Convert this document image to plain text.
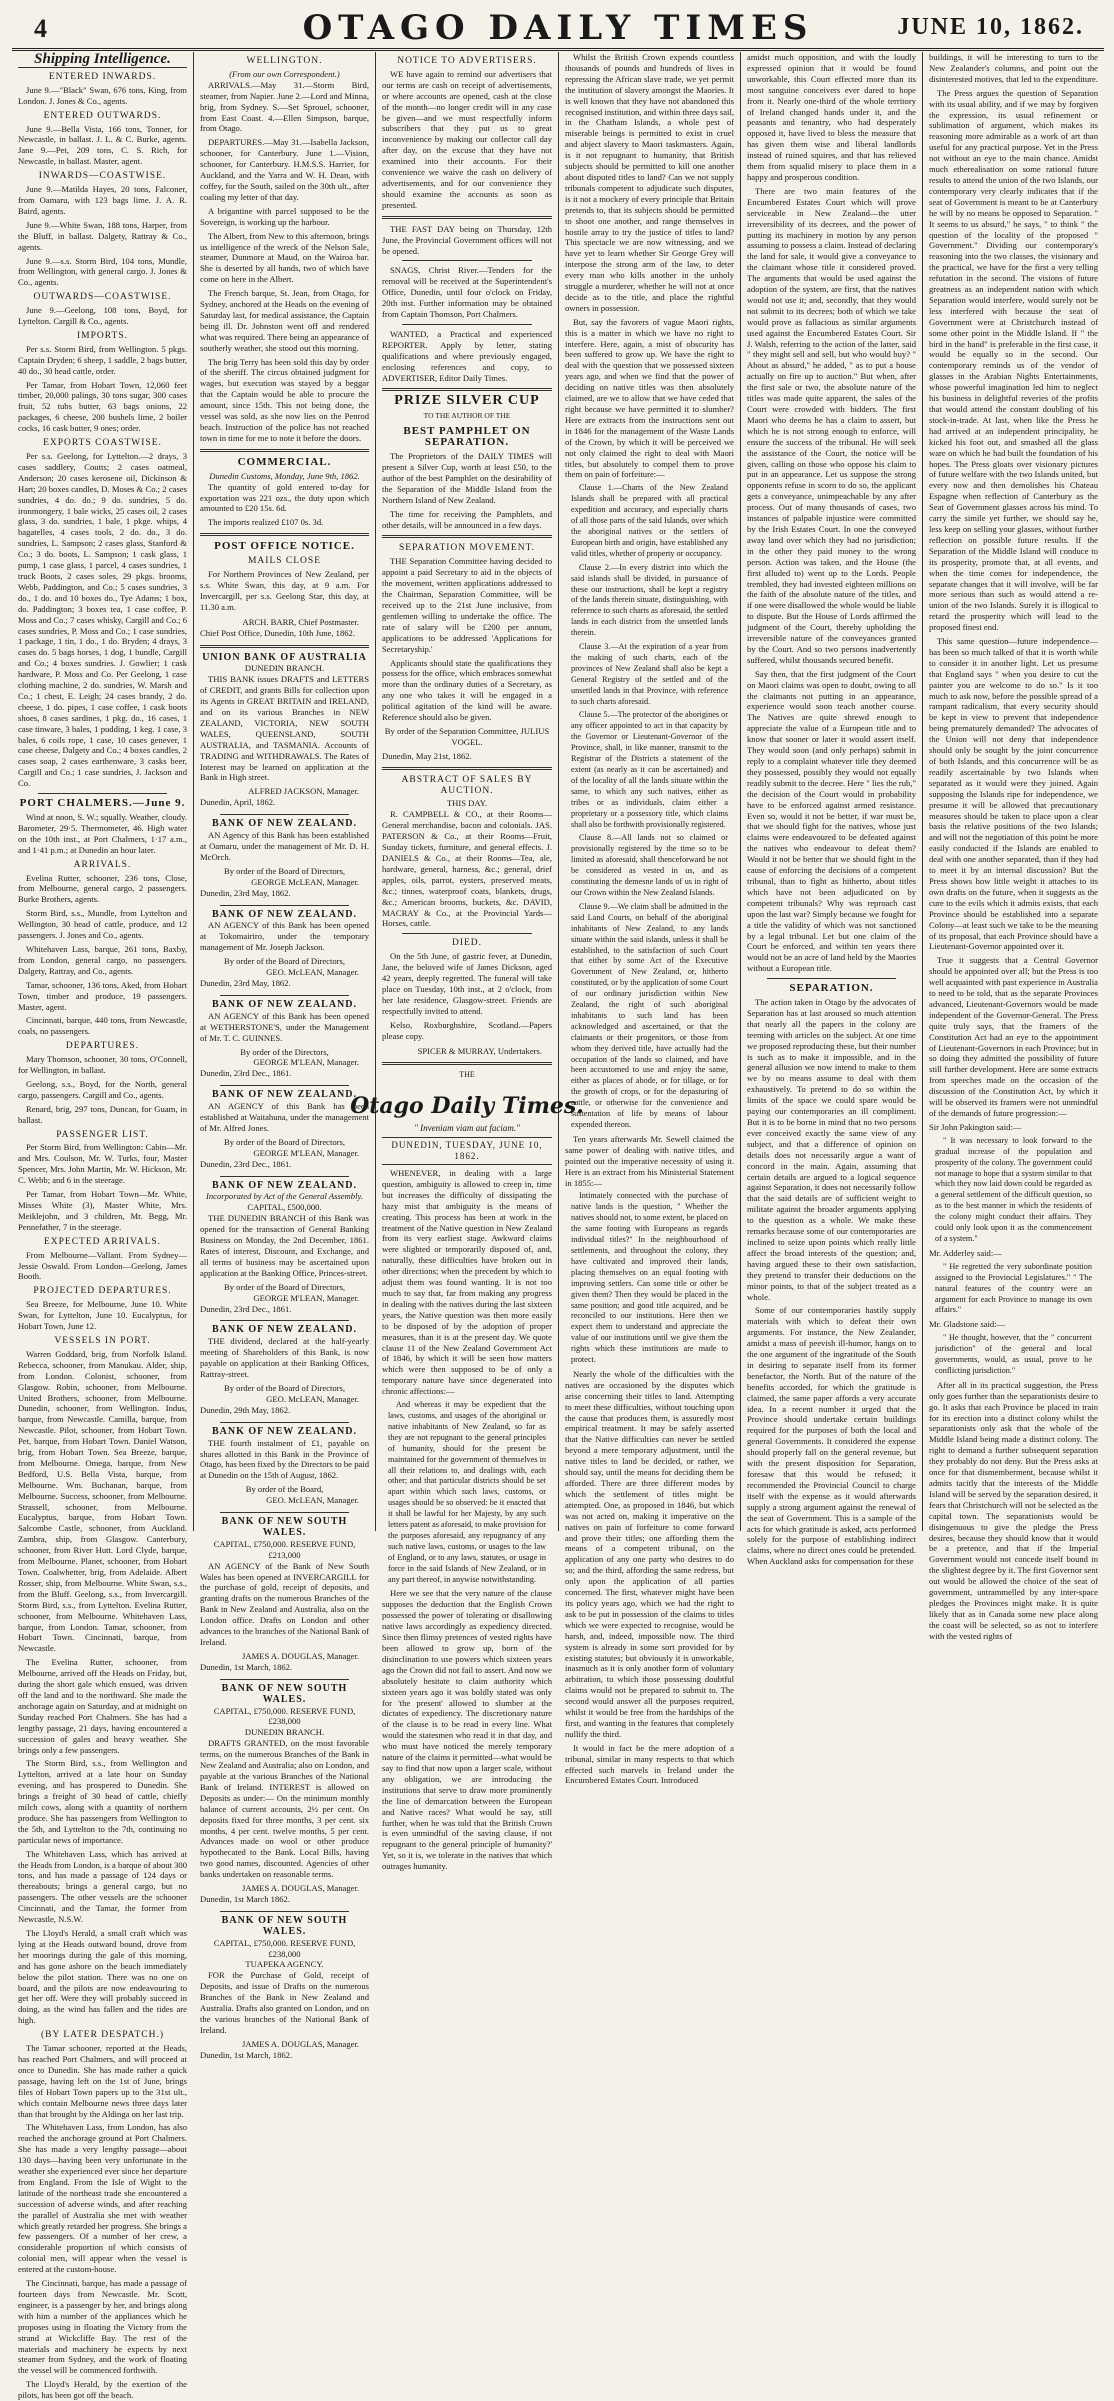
4	OTAGO DAILY TIMES	JUNE 10, 1862.
Shipping Intelligence.
ENTERED INWARDS.

June 9.—"Black" Swan, 676 tons, King, from London. J. Jones & Co., agents.

ENTERED OUTWARDS.

June 9.—Bella Vista, 166 tons, Tonner, for Newcastle, in ballast. J. L. & C. Burke, agents. Jane 9.—Pet, 209 tons, C. S. Rich, for Newcastle, in ballast. Master, agent.

INWARDS—COASTWISE.

June 9.—Matilda Hayes, 20 tons, Falconer, from Oamaru, with 123 bags lime. J. A. R. Baird, agents.

June 9.—White Swan, 188 tons, Harper, from the Bluff, in ballast. Dalgety, Rattray & Co., agents.

June 9.—s.s. Storm Bird, 104 tons, Mundle, from Wellington, with general cargo. J. Jones & Co., agents.

OUTWARDS—COASTWISE.

June 9.—Geelong, 108 tons, Boyd, for Lyttelton. Cargill & Co., agents.

IMPORTS.

Per s.s. Storm Bird, from Wellington. 5 pkgs. Captain Dryden; 6 sheep, 1 saddle, 2 bags butter, 40 do., 30 head cattle, order.

Per Tamar, from Hobart Town, 12,060 feet timber, 20,000 palings, 30 tons sugar, 300 cases fruit, 52 tubs butter, 63 bags onions, 22 packages, 6 cheese, 200 bushels lime, 2 boiler cocks, 16 cask butter, 9 ones; order.

EXPORTS COASTWISE.

Per s.s. Geelong, for Lyttelton.—2 drays, 3 cases saddlery, Coutts; 2 cases oatmeal, Anderson; 20 cases kerosene oil, Dickinson & Hart; 20 boxes candles, D. Moses & Co.; 2 cases sundries, 4 do. do.; 9 do. sundries, 5 do. ironmongery, 1 bale wicks, 25 cases oil, 2 cases glass, 3 do. sundries, 1 bale, 1 pkge. whips, 4 bagatelles, 4 cases tools, 2 do. do., 3 do. sundries, L. Sampson; 2 cases glass, Stanford & Co.; 3 do. boots, L. Sampson; 1 cask glass, 1 pump, 1 case glass, 1 parcel, 4 cases sundries, 1 truck Boots, 2 cases soles, 29 pkgs. brooms, Webb, Paddington, and Co.; 5 cases sundries, 3 do., 1 do. and 10 boxes do., Tye Adams; 1 box, do. Paddington; 3 boxes tea, 1 case coffee, P. Moss and Co.; 7 cases whisky, Cargill and Co.; 6 cases sundries, P. Moss and Co.; 1 case sundries, 1 package, 1 tin, 1 do., 1 do. Bryden; 4 drays, 3 cases do. 5 bags horses, 1 dog, 1 bundle, Cargill and Co.; 4 boxes sundries. J. Gowlier; 1 cask hardware, P. Moss and Co. Per Geelong, 1 case clothing machine, 2 do. sundries, W. Marsh and Co.; 1 chest, E. Leigh; 24 cases brandy, 2 do. cheese, 1 do. pipes, 1 case coffee, 1 cask boots shoes, 8 cases sardines, 1 pkg. do., 16 cases, 1 case tinware, 3 bales, 1 pudding, 1 keg. 1 case, 3 bales, 6 coils rope, 1 case, 10 cases genever, 1 case cheese, Dalgety and Co.; 4 boxes candles, 2 cases soap, 2 cases earthenware, 3 casks beer, Cargill and Co.; 1 case sundries, J. Jackson and Co.

PORT CHALMERS.—June 9.

Wind at noon, S. W.; squally. Weather, cloudy. Barometer, 29·5. Thermometer, 46. High water on the 10th inst., at Port Chalmers, 1·17 a.m., and 1·41 p.m.; at Dunedin an hour later.

ARRIVALS.

Evelina Rutter, schooner, 236 tons, Close, from Melbourne, general cargo, 2 passengers. Burke Brothers, agents.

Storm Bird, s.s., Mundle, from Lyttelton and Wellington, 30 head of cattle, produce, and 12 passengers. J. Jones and Co., agents.

Whitehaven Lass, barque, 261 tons, Baxby, from London, general cargo, no passengers. Dalgety, Rattray, and Co., agents.

Tamar, schooner, 136 tons, Aked, from Hobart Town, timber and produce, 19 passengers. Master, agent.

Cincinnati, barque, 440 tons, from Newcastle, coals, no passengers.

DEPARTURES.

Mary Thomson, schooner, 30 tons, O'Connell, for Wellington, in ballast.

Geelong, s.s., Boyd, for the North, general cargo, passengers. Cargill and Co., agents.

Renard, brig, 297 tons, Duncan, for Guam, in ballast.

PASSENGER LIST.

Per Storm Bird, from Wellington: Cabin—Mr. and Mrs. Coulson, Mr. W. Turks, four, Master Spencer, Mrs. John Martin, Mr. W. Hickson, Mr. C. Webb; and 6 in the steerage.

Per Tamar, from Hobart Town—Mr. White, Misses White (3), Master White, Mrs. Meiklejohn, and 3 children, Mr. Begg, Mr. Pennefather, 7 in the steerage.

EXPECTED ARRIVALS.

From Melbourne—Vallant. From Sydney—Jessie Oswald. From London—Geelong, James Booth.

PROJECTED DEPARTURES.

Sea Breeze, for Melbourne, June 10. White Swan, for Lyttelton, June 10. Eucalyptus, for Hobart Town, June 12.

VESSELS IN PORT.

Warren Goddard, brig, from Norfolk Island. Rebecca, schooner, from Manukau. Alder, ship, from London. Colonist, schooner, from Glasgow. Robin, schooner, from Melbourne. United Brothers, schooner, from Melbourne. Dunedin, schooner, from Wellington. Indus, barque, from Newcastle. Camilla, barque, from Newcastle. Pilot, schooner, from Hobart Town. Pet, barque, from Hobart Town. Daniel Watson, brig, from Hobart Town. Sea Breeze, barque, from Melbourne. Omega, barque, from New Bedford, U.S. Bella Vista, barque, from Melbourne. Wm. Buchanan, barque, from Melbourne. Success, schooner, from Melbourne. Strassell, schooner, from Melbourne. Eucalyptus, barque, from Hobart Town. Salcombe Castle, schooner, from Auckland. Zambra, ship, from Glasgow. Canterbury, schooner, from River Hutt. Lord Clyde, barque, from Melbourne. Planet, schooner, from Hobart Town. Coalwhetter, brig, from Adelaide. Albert Rosser, ship, from Melbourne. White Swan, s.s., from the Bluff. Geelong, s.s., from Invercargill. Storm Bird, s.s., from Lyttelton. Evelina Rutter, schooner, from Melbourne. Whitehaven Lass, barque, from London. Tamar, schooner, from Hobart Town. Cincinnati, barque, from Newcastle.

The Evelina Rutter, schooner, from Melbourne, arrived off the Heads on Friday, but, during the short gale which ensued, was driven off the land and to the northward. She made the anchorage again on Saturday, and at midnight on Sunday reached Port Chalmers. She has had a lengthy passage, 21 days, having encountered a succession of gales and heavy weather. She brings only a few passengers.

The Storm Bird, s.s., from Wellington and Lyttelton, arrived at a late hour on Sunday evening, and has prospered to Dunedin. She brings a freight of 30 head of cattle, chiefly milch cows, along with a quantity of northern produce. She has passengers from Wellington to the 5th, and Lyttelton to the 7th, continuing no particular news of importance.

The Whitehaven Lass, which has arrived at the Heads from London, is a barque of about 300 tons, and has made a passage of 124 days or thereabouts; brings a general cargo, but no passengers. The other vessels are the schooner Cincinnati, and the Tamar, the former from Newcastle, N.S.W.

The Lloyd's Herald, a small craft which was lying at the Heads outward bound, drove from her moorings during the gale of this morning, and has gone ashore on the beach immediately below the pilot station. There was no one on board, and the pilots are now endeavouring to get her off. Were they will probably succeed in doing, as the wind has fallen and the tides are high.

(BY LATER DESPATCH.)

The Tamar schooner, reported at the Heads, has reached Port Chalmers, and will proceed at once to Dunedin. She has made rather a quick passage, having left on the 1st of June, brings files of Hobart Town papers up to the 31st ult., which contain Melbourne news three days later than that brought by the Aldinga on her last trip.

The Whitehaven Lass, from London, has also reached the anchorage ground at Port Chalmers. She has made a very lengthy passage—about 130 days—having been very unfortunate in the weather she experienced ever since her departure from England. From the Isle of Wight to the latitude of the northeast trade she encountered a succession of adverse winds, and after reaching the parallel of Australia she met with weather which greatly retarded her progress. She brings a few passengers. Of a number of her crew, a considerable proportion of which consists of colonial men, will appear when the vessel is entered at the custom-house.

The Cincinnati, barque, has made a passage of fourteen days from Newcastle. Mr. Scott, engineer, is a passenger by her, and brings along with him a number of the appliances which he proposes using in floating the Victory from the strand at Wickcliffe Bay. The rest of the materials and machinery he expects by next steamer from Sydney, and the work of floating the vessel will be commenced forthwith.

The Lloyd's Herald, by the exertion of the pilots, has been got off the beach.

WELLINGTON.
(From our own Correspondent.)

ARRIVALS.—May 31.—Storm Bird, steamer, from Napier. June 2.—Lord and Minna, brig, from Sydney. S.—Set Sprouel, schooner, from East Coast. 4.—Ellen Simpson, barque, from Otago.

DEPARTURES.—May 31.—Isabella Jackson, schooner, for Canterbury. June 1.—Vision, schooner, for Canterbury. H.M.S.S. Harrier, for Auckland, and the Yarra and W. H. Dean, with coffey, for the South, sailed on the 30th ult., after coaling my letter of that day.

A brigantine with parcel supposed to be the Sovereign, is working up the harbour.

The Albert, from New to this afternoon, brings us intelligence of the wreck of the Nelson Sale, steamer, Dunmore at Maud, on the Wairoa bar. She is deserted by all hands, two of which have come on here in the Albert.

The French barque, St. Jean, from Otago, for Sydney, anchored at the Heads on the evening of Saturday last, for medical assistance, the Captain being ill. Dr. Johnston went off and rendered what was required. There being an appearance of southerly weather, she stood out this morning.

The brig Terry has been sold this day by order of the sheriff. The circus obtained judgment for wages, but execution was stayed by a beggar that the Captain would be able to procure the amount, since 15th. This not being done, the vessel was sold, as she now lies on the Penrod beach. Instruction of the police has not reached town in time for me to note it before the doors.

COMMERCIAL.
Dunedin Customs, Monday, June 9th, 1862.

The quantity of gold entered to-day for exportation was 221 ozs., the duty upon which amounted to £20 15s. 6d.

The imports realized £107 0s. 3d.

POST OFFICE NOTICE.
MAILS CLOSE

For Northern Provinces of New Zealand, per s.s. White Swan, this day, at 9 a.m. For Invercargill, per s.s. Geelong Star, this day, at 11.30 a.m.

ARCH. BARR, Chief Postmaster.
Chief Post Office, Dunedin, 10th June, 1862.
UNION BANK OF AUSTRALIA
DUNEDIN BRANCH.

THIS BANK issues DRAFTS and LETTERS of CREDIT, and grants Bills for collection upon its Agents in GREAT BRITAIN and IRELAND, and on its various Branches in NEW ZEALAND, VICTORIA, NEW SOUTH WALES, QUEENSLAND, SOUTH AUSTRALIA, and TASMANIA. Accounts of TRADING and WITHDRAWALS. The Rates of Interest may be learned on application at the Bank in High street.

ALFRED JACKSON, Manager.
Dunedin, April, 1862.
BANK OF NEW ZEALAND.

AN Agency of this Bank has been established at Oamaru, under the management of Mr. D. H. McOrch.

By order of the Board of Directors,
GEORGE McLEAN, Manager.
Dunedin, 23rd May, 1862.
BANK OF NEW ZEALAND.

AN AGENCY of this Bank has been opened at Tokomairiro, under the temporary management of Mr. Joseph Jackson.

By order of the Board of Directors,
GEO. McLEAN, Manager.
Dunedin, 23rd May, 1862.
BANK OF NEW ZEALAND.

AN AGENCY of this Bank has been opened at WETHERSTONE'S, under the Management of Mr. T. C. GUINNES.

By order of the Directors,
GEORGE M'LEAN, Manager.
Dunedin, 23rd Dec., 1861.
BANK OF NEW ZEALAND.

AN AGENCY of this Bank has been established at Waitahuna, under the management of Mr. Alfred Jones.

By order of the Board of Directors,
GEORGE M'LEAN, Manager.
Dunedin, 23rd Dec., 1861.
BANK OF NEW ZEALAND.
Incorporated by Act of the General Assembly.
CAPITAL, £500,000.

THE DUNEDIN BRANCH of this Bank was opened for the transaction of General Banking Business on Monday, the 2nd December, 1861. Rates of interest, Discount, and Exchange, and all terms of business may be ascertained upon application at the Banking Office, Princes-street.

By order of the Board of Directors,
GEORGE M'LEAN, Manager.
Dunedin, 23rd Dec., 1861.
BANK OF NEW ZEALAND.

THE dividend, declared at the half-yearly meeting of Shareholders of this Bank, is now payable on application at their Banking Offices, Rattray-street.

By order of the Board of Directors,
GEO. McLEAN, Manager.
Dunedin, 29th May, 1862.
BANK OF NEW ZEALAND.

THE fourth instalment of £1, payable on shares allotted in this Bank in the Province of Otago, has been fixed by the Directors to be paid at Dunedin on the 15th of August, 1862.

By order of the Board,
GEO. McLEAN, Manager.
BANK OF NEW SOUTH WALES.
CAPITAL, £750,000. RESERVE FUND, £213,000

AN AGENCY of the Bank of New South Wales has been opened at INVERCARGILL for the purchase of gold, receipt of deposits, and granting drafts on the numerous Branches of the Bank in New Zealand and Australia, also on the London office. Drafts on London and other advances to the branches of the National Bank of Ireland.

JAMES A. DOUGLAS, Manager.
Dunedin, 1st March, 1862.
BANK OF NEW SOUTH WALES.
CAPITAL, £750,000. RESERVE FUND, £238,000
DUNEDIN BRANCH.

DRAFTS GRANTED, on the most favorable terms, on the numerous Branches of the Bank in New Zealand and Australia; also on London, and payable at the various Branches of the National Bank of Ireland. INTEREST is allowed on Deposits as under:— On the minimum monthly balance of current accounts, 2½ per cent. On deposits fixed for three months, 3 per cent. six months, 4 per cent. twelve months, 5 per cent. Advances made on wool or other produce hypothecated to the Bank. Local Bills, having two good names, discounted. Agencies of other banks undertaken on reasonable terms.

JAMES A. DOUGLAS, Manager.
Dunedin, 1st March 1862.
BANK OF NEW SOUTH WALES.
CAPITAL, £750,000. RESERVE FUND, £238,000
TUAPEKA AGENCY.

FOR the Purchase of Gold, receipt of Deposits, and issue of Drafts on the numerous Branches of the Bank in New Zealand and Australia. Drafts also granted on London, and on the various branches of the National Bank of Ireland.

JAMES A. DOUGLAS, Manager.
Dunedin, 1st March, 1862.
NOTICE TO ADVERTISERS.

WE have again to remind our advertisers that our terms are cash on receipt of advertisements, or where accounts are opened, cash at the close of the month—no longer credit will in any case be given—and we must respectfully inform subscribers that they put us to great inconvenience by making our collector call day after day, on the excuse that they have not examined into their accounts. For their convenience we waive the cash on delivery of advertisements, and for our convenience they should examine the accounts as soon as presented.

THE FAST DAY being on Thursday, 12th June, the Provincial Government offices will not be opened.

SNAGS, Christ River.—Tenders for the removal will be received at the Superintendent's Office, Dunedin, until four o'clock on Friday, 20th inst. Further information may be obtained from Captain Thomson, Port Chalmers.

WANTED, a Practical and experienced REPORTER. Apply by letter, stating qualifications and where previously engaged, enclosing references and copy, to ADVERTISER, Editor Daily Times.

PRIZE SILVER CUP
TO THE AUTHOR OF THE
BEST PAMPHLET ON SEPARATION.

The Proprietors of the DAILY TIMES will present a Silver Cup, worth at least £50, to the author of the best Pamphlet on the desirability of the Separation of the Middle Island from the Northern Island of New Zealand.

The time for receiving the Pamphlets, and other details, will be announced in a few days.

SEPARATION MOVEMENT.

THE Separation Committee having decided to appoint a paid Secretary to aid in the objects of the movement, written applications addressed to the Chairman, Separation Committee, will be received up to the 21st June inclusive, from gentlemen willing to undertake the office. The rate of salary will be £200 per annum, applications to be addressed 'Applications for Secretaryship.'

Applicants should state the qualifications they possess for the office, which embraces somewhat more than the ordinary duties of a Secretary, as any one who takes it will be engaged in a political agitation of the kind will be aware. Reference should also be given.

By order of the Separation Committee, JULIUS VOGEL.

Dunedin, May 21st, 1862.

ABSTRACT OF SALES BY AUCTION.
THIS DAY.

R. CAMPBELL & CO., at their Rooms—General merchandise, bacon and colonials. JAS. PATERSON & Co., at their Rooms—Fruit, Sunday tickets, furniture, and general effects. J. DANIELS & Co., at their Rooms—Tea, ale, hardware, general, harness, &c.; general, drief apples, oils, parrot, eysters, preserved meats, &c.; tinnes, waterproof coats, blankets, drugs, &c.; American brooms, buckets, &c. DAVID, MACRAY & Co., at the Provincial Yards—Horses, cattle.

DIED.

On the 5th June, of gastric fever, at Dunedin, Jane, the beloved wife of James Dickson, aged 42 years, deeply regretted. The funeral will take place on Tuesday, 10th inst., at 2 o'clock, from her late residence, Glasgow-street. Friends are respectfully invited to attend.

Kelso, Roxburghshire, Scotland.—Papers please copy.

SPICER & MURRAY, Undertakers.
THE
Otago Daily Times.
" Inveniam viam aut faciam."
DUNEDIN, TUESDAY, JUNE 10, 1862.

WHENEVER, in dealing with a large question, ambiguity is allowed to creep in, time but increases the difficulty of dissipating the hazy mist that ambiguity is the means of creating. This process has been at work in the treatment of the Native question in New Zealand from its very earliest stage. Awkward claims were slighted or temporarily disposed of, and, naturally, these difficulties have broken out in other directions; when the precedent by which to adjust them was found wanting. It is not too much to say that, far from making any progress in dealing with the natives during the last sixteen years, the Native question was then more easily to be disposed of by the adoption of proper measures, than it is at the present day. We quote clause 11 of the New Zealand Government Act of 1846, by which it will be seen how matters which were then supposed to be of only a temporary nature have since degenerated into chronic affections:—

And whereas it may be expedient that the laws, customs, and usages of the aboriginal or native inhabitants of New Zealand, so far as they are not repugnant to the general principles of humanity, should for the present be maintained for the government of themselves in all their relations to, and dealings with, each other; and that particular districts should be set apart within which such laws, customs, or usages should be so observed: be it enacted that it shall be lawful for her Majesty, by any such letters patent as aforesaid, to make provision for the purposes aforesaid, any repugnancy of any such native laws, customs, or usages to the law of England, or to any laws, statutes, or usage in force in the said Islands of New Zealand, or in any part thereof, in anywise notwithstanding.

Here we see that the very nature of the clause supposes the deduction that the English Crown possessed the power of tolerating or disallowing native laws accordingly as expediency directed. Since then flimsy pretences of vested rights have been allowed to grow up, born of the disinclination to use powers which sixteen years ago the Crown did not fail to assert. And now we absolutely hesitate to claim authority which sixteen years ago it was boldly stated was only for 'the present' allowed to slumber at the dictates of expediency. The discretionary nature of the clause is to be read in every line. What would the statesmen who read it in that day, and who must have noticed the merely temporary nature of the claims it permitted—what would be say to find that now upon a larger scale, without any obligation, we are introducing the institutions that serve to draw more prominently the line of demarcation between the European and Native races? What would he say, still further, when he was told that the British Crown is even unmindful of the saving clause, if not repugnant to the general principle of humanity?' Yet, so it is, we tolerate in the natives that which outrages humanity.

Whilst the British Crown expends countless thousands of pounds and hundreds of lives in repressing the African slave trade, we yet permit the institution of slavery amongst the Maories. It is well known that they have not abandoned this recognised institution, and within three days sail, in the Chatham Islands, a whole pest of miserable beings is permitted to exist in cruel and abject slavery to Maori taskmasters. Again, is it not repugnant to humanity, that British subjects should be permitted to kill one another about disputed titles to land? Can we not supply tribunals competent to adjudicate such disputes, is it not a mockery of every principle that Britain pretends to, that its subjects should be permitted to shoot one another, and range themselves in hostile array to try the justice of titles to land? This spectacle we are now witnessing, and we have yet to learn whether Sir George Grey will interpose the strong arm of the law, to deter every man who kills another in the unholy struggle a murderer, whether he will not at once decide as to the title, and place the rightful owners in possession.

But, say the favorers of vague Maori rights, this is a matter in which we have no right to interfere. Here, again, a mist of obscurity has been suffered to grow up. We have the right to deal with the question that we possessed sixteen years ago, and when we find that the power of deciding on native titles was then absolutely claimed, are we to allow that we have ceded that right because we have permitted it to slumber? Here are extracts from the instructions sent out in 1846 for the management of the Waste Lands of the Crown, by which it will be perceived we not only claimed the right to deal with Maori titles, but absolutely to compel them to prove them on pain of forfeiture:—

Clause 1.—Charts of the New Zealand Islands shall be prepared with all practical expedition and accuracy, and especially charts of all those parts of the said Islands, over which the aboriginal natives or the settlers of European birth and origin, have established any valid titles, whether of property or occupancy.

Clause 2.—In every district into which the said islands shall be divided, in pursuance of these our instructions, shall be kept a registry of the lands therein situate, distinguishing, with reference to such charts as aforesaid, the settled lands in each district from the unsettled lands therein.

Clause 3.—At the expiration of a year from the making of such charts, each of the provinces of New Zealand shall also be kept a General Registry of the settled and of the unsettled lands in that Province, with reference to such charts aforesaid.

Clause 5.—The protector of the aborigines or any officer appointed to act in that capacity by the Governor or Lieutenant-Governor of the Province, shall, in like manner, transmit to the Registrar of the Districts a statement of the extent (as nearly as it can be ascertained) and of the locality of all the lands situate within the same, to which any such natives, either as tribes or as individuals, claim either a proprietary or a possessory title, which claims shall also be forthwith provisionally registered.

Clause 8.—All lands not so claimed or provisionally registered by the time so to be limited as aforesaid, shall thenceforward be not be considered as vested in us, and as constituting the demesne lands of us in right of our Crown within the New Zealand Islands.

Clause 9.—We claim shall be admitted in the said Land Courts, on behalf of the aboriginal inhabitants of New Zealand, to any lands situate within the said islands, unless it shall be established, to the satisfaction of such Court that either by some Act of the Executive Government of New Zealand, or, hitherto constituted, or by the application of some Court of our ordinary jurisdiction within New Zealand, the right of such aboriginal inhabitants to such land has been acknowledged and ascertained, or that the claimants or their progenitors, or those from whom they derived title, have actually had the occupation of the lands so claimed, and have been accustomed to use and enjoy the same, either as places of abode, or for tillage, or for the growth of crops, or for the depasturing of cattle, or otherwise for the convenience and sustentation of life by means of labour expended thereon.

Ten years afterwards Mr. Sewell claimed the same power of dealing with native titles, and pointed out the imperative necessity of using it. Here is an extract from his Ministerial Statement in 1855:—

Intimately connected with the purchase of native lands is the question, " Whether the natives should not, to some extent, be placed on the same footing with Europeans as regards individual titles?" In the neighbourhood of settlements, and throughout the colony, they have cultivated and improved their lands, placing themselves on an equal footing with improving settlers. Can some title or other be given them? Then they would be placed in the same position; and good title acquired, and be reconciled to our institutions. Here then we expect them to understand and appreciate the value of our institutions until we give them the rights which these institutions are made to protect.

Nearly the whole of the difficulties with the natives are occasioned by the disputes which arise concerning their titles to land. Attempting to meet these difficulties, without touching upon the cause that produces them, is assuredly most empirical treatment. It may be safely asserted that the Native difficulties can never be settled beyond a mere temporary adjustment, until the native titles to land be decided, or rather, we should say, until the means for deciding them be afforded. There are three different modes by which the settlement of titles might be attempted. One, as proposed in 1846, but which was not acted on, making it imperative on the natives on pain of forfeiture to come forward and prove their titles; one affording them the means of a competent tribunal, on the application of any one party who desires to do so; and the third, affording the same redress, but only upon the application of all parties concerned. The first, whatever might have been its policy years ago, which we had the right to ask to be put in possession of the claims to titles which we were expected to recognise, would be harsh, and, indeed, impossible now. The third system is already in some sort provided for by existing statutes; but obviously it is unworkable, inasmuch as it is only another form of voluntary arbitration, to which those possessing doubtful claims would not be prepared to submit to. The second would answer all the purposes required, whilst it would be free from the hardships of the first, and wanting in the features that completely nullify the third.

It would in fact be the mere adoption of a tribunal, similar in many respects to that which effected such marvels in Ireland under the Encumbered Estates Court. Introduced

amidst much opposition, and with the loudly expressed opinion that it would be found unworkable, this Court effected more than its most sanguine conceivers ever dared to hope from it. Nearly one-third of the whole territory of Ireland changed hands under it, and the peasants and tenantry, who had desperately opposed it, have lived to bless the measure that has given them wise and liberal landlords instead of ruined squires, and that has relieved them from squalid misery to place them in a happy and prosperous condition.

There are two main features of the Encumbered Estates Court which will prove serviceable in New Zealand—the utter irreversibility of its decrees, and the power of putting its machinery in motion by any person assuming to possess a claim. Instead of declaring the land for sale, it would give a conveyance to the claimant whose title it considered proved. The arguments that would be used against the adoption of the system, are first, that the natives would not use it; and, secondly, that they would not submit to its decrees; both of which we take would prove as fallacious as similar arguments used against the Encumbered Estates Court. Sir J. Walsh, referring to the action of the latter, said " they might sell and sell, but who would buy? " About as absurd," he added, " as to put a house actually on fire up to auction." But when, after the first sale or two, the absolute nature of the titles was made quite apparent, the sales of the Court were crowded with bidders. The first Maori who deems he has a claim to assert, but which he is not strong enough to enforce, will ensure the success of the tribunal. He will seek the assistance of the Court, the notice will be given, calling on those who oppose his claim to put in an appearance. Let us suppose the strong opponents refuse in scorn to do so, the applicant gets a conveyance, unimpeachable by any after process. Out of many thousands of cases, two instances of palpable injustice were committed by the Irish Estates Court. In one the conveyed away land over which they had no jurisdiction; in the other they paid money to the wrong person. Action was taken, and the House (the first alluded to) went up to the Lords. People trembled, they had invested eighteen millions on the faith of the absolute nature of the titles, and if one were disallowed the whole would be liable to dispute. But the House of Lords affirmed the judgment of the Court, thereby upholding the irreversible nature of the conveyances granted by the Court. And so two persons inadvertently suffered, whilst thousands secured benefit.

Say then, that the first judgment of the Court on Maori claims was open to doubt, owing to all the claimants not putting in an appearance, experience would soon teach another course. The Natives are quite shrewd enough to appreciate the value of a European title and to know that sooner or later it would assert itself. They would soon (and only perhaps) submit in reply to a complaint whatever title they deemed they possessed, possibly they would not equally readily submit to the decree. Here " lies the rub," the decision of the Court would in probability have to be enforced against armed resistance. Even so, would it not be better, if war must be, that we should fight for the natives, whose just claims were endeavoured to be defeated against the natives who endeavour to defeat them? Would it not be better that we should fight in the cause of enforcing the decisions of a competent tribunal, than to fight as hitherto, about titles which have not been adjudicated on by competent tribunals? Why was reproach cast upon the last war? Simply because we fought for a title the validity of which was not sanctioned by a legal tribunal. Let but one claim of the Court be enforced, and within ten years there would not be an acre of land held by the Maories without a European title.

SEPARATION.

The action taken in Otago by the advocates of Separation has at last aroused so much attention that nearly all the papers in the colony are teeming with articles on the subject. At one time we proposed reproducing these, but their number is such as to make it impossible, and in the general allusion we now intend to make to them we by no means assume to deal with them exhaustively. To pretend to do so within the limits of the space we could spare would be paying our contemporaries an ill compliment. But it is to be borne in mind that no two persons ever conceived exactly the same view of any subject, and that a difference of opinion on details does not necessarily argue a want of concord in the main. Again, assuming that certain details are argued to a logical sequence against Separation, it does not necessarily follow that the said details are of sufficient weight to militate against the broader arguments applying to the question as a whole. We make these remarks because some of our contemporaries are inclined to seize upon points which really little affect the broad interests of the question; and, having argued these to their own satisfaction, they pretend to transfer their deductions on the minor points, to that of the subject treated as a whole.

Some of our contemporaries hastily supply materials with which to defeat their own arguments. For instance, the New Zealander, amidst a mass of peevish ill-humor, hangs on to the one argument of the ingratitude of the South in desiring to separate itself from its former benefactor, the North. But of the nature of the benefits accorded, for which the gratitude is claimed, the same paper affords a very accurate idea. In a recent number it urged that the Province should undertake certain buildings required for the purposes of both the local and general Governments. It considered the expense should properly fall on the general revenue, but with the present disposition for Separation, foresaw that this would be refused; it recommended the Provincial Council to charge itself with the expense as it would afterwards supply a strong argument against the renewal of the seat of Government. This is a sample of the acts for which gratitude is asked, acts performed solely for the purpose of establishing indirect claims, where no direct ones could be pretended. When Auckland asks for compensation for these

buildings, it will be interesting to turn to the New Zealander's columns, and point out the disinterested motives, that led to the expenditure.

The Press argues the question of Separation with its usual ability, and if we may by forgiven the expression, its usual refinement or sublimation of argument, which makes its reasoning more admirable as a work of art than useful for any practical purpose. Yet in the Press not without an eye to the main chance. Amidst much etherealisation on some rational future results to attend the union of the two Islands, our contemporary very clearly indicates that if the seat of Government is meant to be at Canterbury he will by no means be opposed to Separation. " It seems to us absurd," he says, " to think " the question of the locality of the proposed " Government." Dividing our contemporary's reasoning into the two classes, the visionary and the practical, we have for the first a very telling refutation in the second. The visions of future greatness as an independent nation with which Separation would interfere, would surely not be less interfered with because the seat of Government were at Christchurch instead of some other point in the Middle Island. If " the bird in the hand" is preferable in the first case, it would be equally so in the second. Our contemporary reminds us of the vendor of glasses in the Arabian Nights Entertainments, whose powerful imagination led him to neglect his business in delightful reveries of the profits that would attend the constant doubling of his stock-in-trade. At last, when like the Press he had arrived at an independent principality, he kicked his foot out, and smashed all the glass ware on which he had built the foundation of his hopes. The Press gloats over visionary pictures of future welfare with the two Islands united, but every now and then demolishes his Chateau Espagne when reflection of Canterbury as the Seat of Government glasses across his mind. To carry the simile yet further, we should say he, less keep on selling your glasses, without further reflection on possible future results. If the Separation of the Middle Island will conduce to its prosperity, promote that, at all events, and when the time comes for independence, the separate changes that it will involve, will be far more serious than such as would attend a re-union of the two Islands. Surely it is illogical to retard the prosperity which will lead to the proposed finest end.

This same question—future independence—has been so much talked of that it is worth while to consider it in another light. Let us presume that England says " when you desire to cut the painter you are welcome to do so." Is it too much to ask now, before the possible spread of a rampant radicalism, that every security should be kept in view to prevent that independence being prematurely demanded? The advocates of the Union will not deny that independence should only be sought by the joint concurrence of both Islands, and this concurrence will be as readily ascertainable by two Islands when separated as it would were they joined. Again supposing the Islands ripe for independence, we presume it will be allowed that precautionary measures should be taken to place upon a clear basis the relative positions of the two Islands; and will not the negotiation of this point be more easily conducted if the Islands are enabled to deal with one another separated, than if they had to meet it by an internal discussion? But the Press shows how little weight it attaches to its own drafts on the future, when it suggests as the cure to the evils which it admits exists, that each Province should be established into a separate Colony—at least such we take to be the meaning of its proposal, that each Province should have a Lieutenant-Governor appointed over it.

True it suggests that a Central Governor should be appointed over all; but the Press is too well acquainted with past experience in Australia to need to be told, that as the separate Provinces advanced, Lieutenant-Governors would be made independent of the Governor-General. The Press quite truly says, that the framers of the Constitution Act had an eye to the appointment of Lieutenant-Governors in each Province; but in so doing they admitted the possibility of future still further development. Here are some extracts from speeches made on the occasion of the discussion of the Constitution Act, by which it will be observed its framers were not unmindful of the demands of future progression:—

Sir John Pakington said:—

" It was necessary to look forward to the gradual increase of the population and prosperity of the colony. The government could not manage to hope that a system similar to that which they now laid down could be regarded as a general settlement of the difficult question, so as to the best manner in which the residents of the colony might conduct their affairs. They could only look upon it as the commencement of a system."

Mr. Adderley said:—

" He regretted the very subordinate position assigned to the Provincial Legislatures." " The natural features of the country were an argument for each Province to manage its own affairs."

Mr. Gladstone said:—

" He thought, however, that the " concurrent jurisdiction" of the general and local governments, would, as usual, prove to be conflicting jurisdiction."

After all in its practical suggestion, the Press only goes further than the separationists desire to go. It asks that each Province be placed in train for its erection into a distinct colony whilst the separationists only ask that the whole of the Middle Island being made a distinct colony. The right to demand a further subsequent separation they probably do not deny. But the Press asks at once for that dismemberment, because whilst it admits tacitly that the interests of the Middle Island will be served by the separation desired, it fears that Christchurch will not be selected as the capital town. The separationists would be disingenuous to give the pledge the Press desires, because they should know that it would be a pretence, and that if the Imperial Government would not concede itself bound in the slightest degree by it. The first Governor sent out would be allowed the choice of the seat of government, untrammelled by any inter-space pledges the Provinces might make. It is quite likely that as in Canada some new place along the coast will be selected, so as not to interfere with the vested rights of
